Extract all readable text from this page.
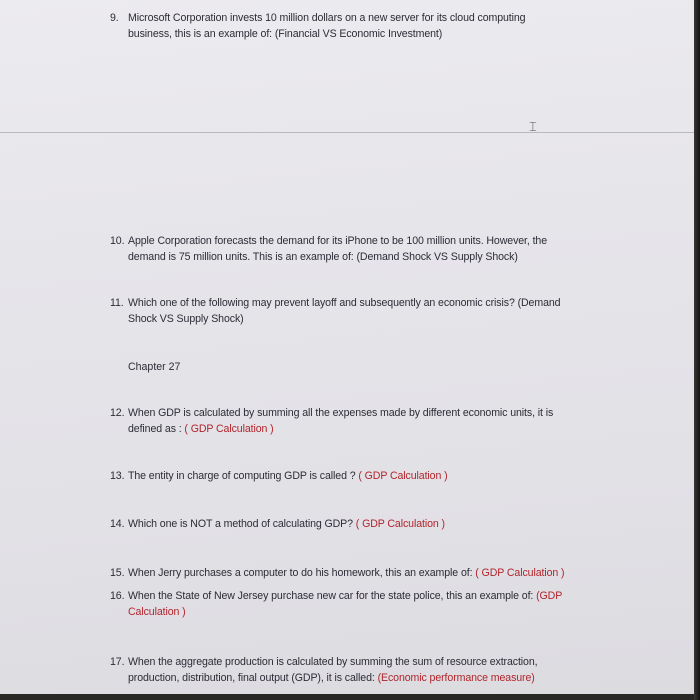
9. Microsoft Corporation invests 10 million dollars on a new server for its cloud computing business, this is an example of: (Financial VS Economic Investment)
⌶
10. Apple Corporation forecasts the demand for its iPhone to be 100 million units. However, the demand is 75 million units. This is an example of: (Demand Shock VS Supply Shock)
11. Which one of the following may prevent layoff and subsequently an economic crisis? (Demand Shock VS Supply Shock)
Chapter 27
12. When GDP is calculated by summing all the expenses made by different economic units, it is defined as : ( GDP Calculation )
13. The entity in charge of computing GDP is called ? ( GDP Calculation )
14. Which one is NOT a method of calculating GDP? ( GDP Calculation )
15. When Jerry purchases a computer to do his homework, this an example of: ( GDP Calculation )
16. When the State of New Jersey purchase new car for the state police, this an example of: (GDP Calculation )
17. When the aggregate production is calculated by summing the sum of resource extraction, production, distribution, final output (GDP), it is called: (Economic performance measure)
